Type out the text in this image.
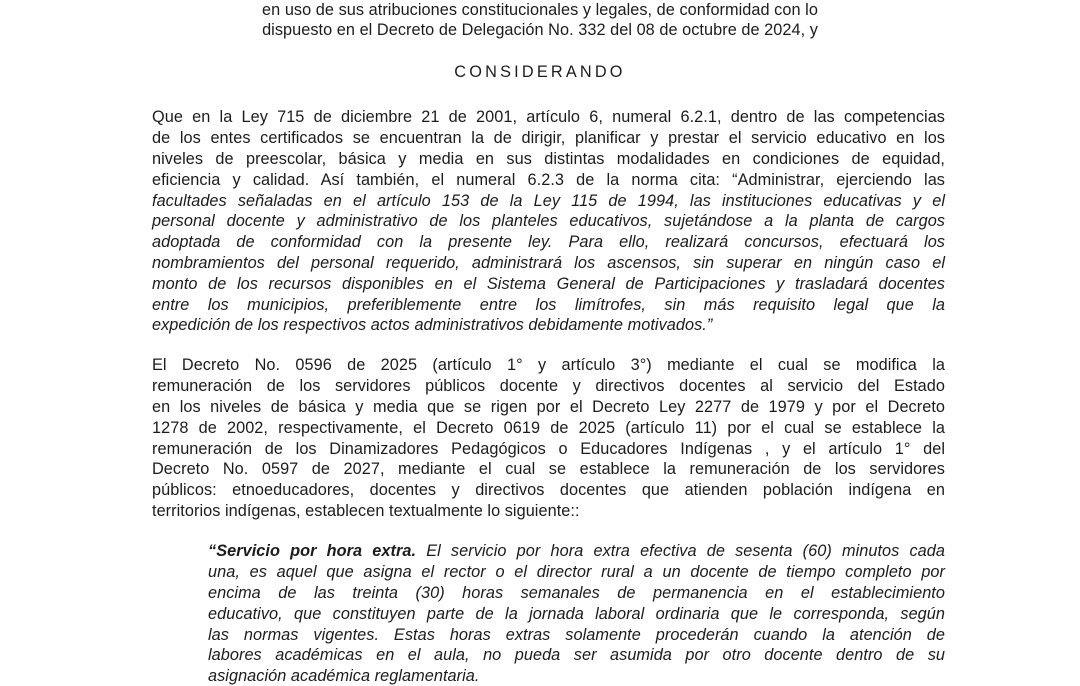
en uso de sus atribuciones constitucionales y legales, de conformidad con lo
dispuesto en el Decreto de Delegación No. 332 del 08 de octubre de 2024, y
CONSIDERANDO
Que en la Ley 715 de diciembre 21 de 2001, artículo 6, numeral 6.2.1, dentro de las competencias
de los entes certificados se encuentran la de dirigir, planificar y prestar el servicio educativo en los
niveles de preescolar, básica y media en sus distintas modalidades en condiciones de equidad,
eficiencia y calidad. Así también, el numeral 6.2.3 de la norma cita: “Administrar, ejerciendo las
facultades señaladas en el artículo 153 de la Ley 115 de 1994, las instituciones educativas y el
personal docente y administrativo de los planteles educativos, sujetándose a la planta de cargos
adoptada de conformidad con la presente ley. Para ello, realizará concursos, efectuará los
nombramientos del personal requerido, administrará los ascensos, sin superar en ningún caso el
monto de los recursos disponibles en el Sistema General de Participaciones y trasladará docentes
entre los municipios, preferiblemente entre los limítrofes, sin más requisito legal que la
expedición de los respectivos actos administrativos debidamente motivados.”
El Decreto No. 0596 de 2025 (artículo 1° y artículo 3°) mediante el cual se modifica la
remuneración de los servidores públicos docente y directivos docentes al servicio del Estado
en los niveles de básica y media que se rigen por el Decreto Ley 2277 de 1979 y por el Decreto
1278 de 2002, respectivamente, el Decreto 0619 de 2025 (artículo 11) por el cual se establece la
remuneración de los Dinamizadores Pedagógicos o Educadores Indígenas , y el artículo 1° del
Decreto No. 0597 de 2027, mediante el cual se establece la remuneración de los servidores
públicos: etnoeducadores, docentes y directivos docentes que atienden población indígena en
territorios indígenas, establecen textualmente lo siguiente::
“Servicio por hora extra. El servicio por hora extra efectiva de sesenta (60) minutos cada
una, es aquel que asigna el rector o el director rural a un docente de tiempo completo por
encima de las treinta (30) horas semanales de permanencia en el establecimiento
educativo, que constituyen parte de la jornada laboral ordinaria que le corresponda, según
las normas vigentes. Estas horas extras solamente procederán cuando la atención de
labores académicas en el aula, no pueda ser asumida por otro docente dentro de su
asignación académica reglamentaria.
